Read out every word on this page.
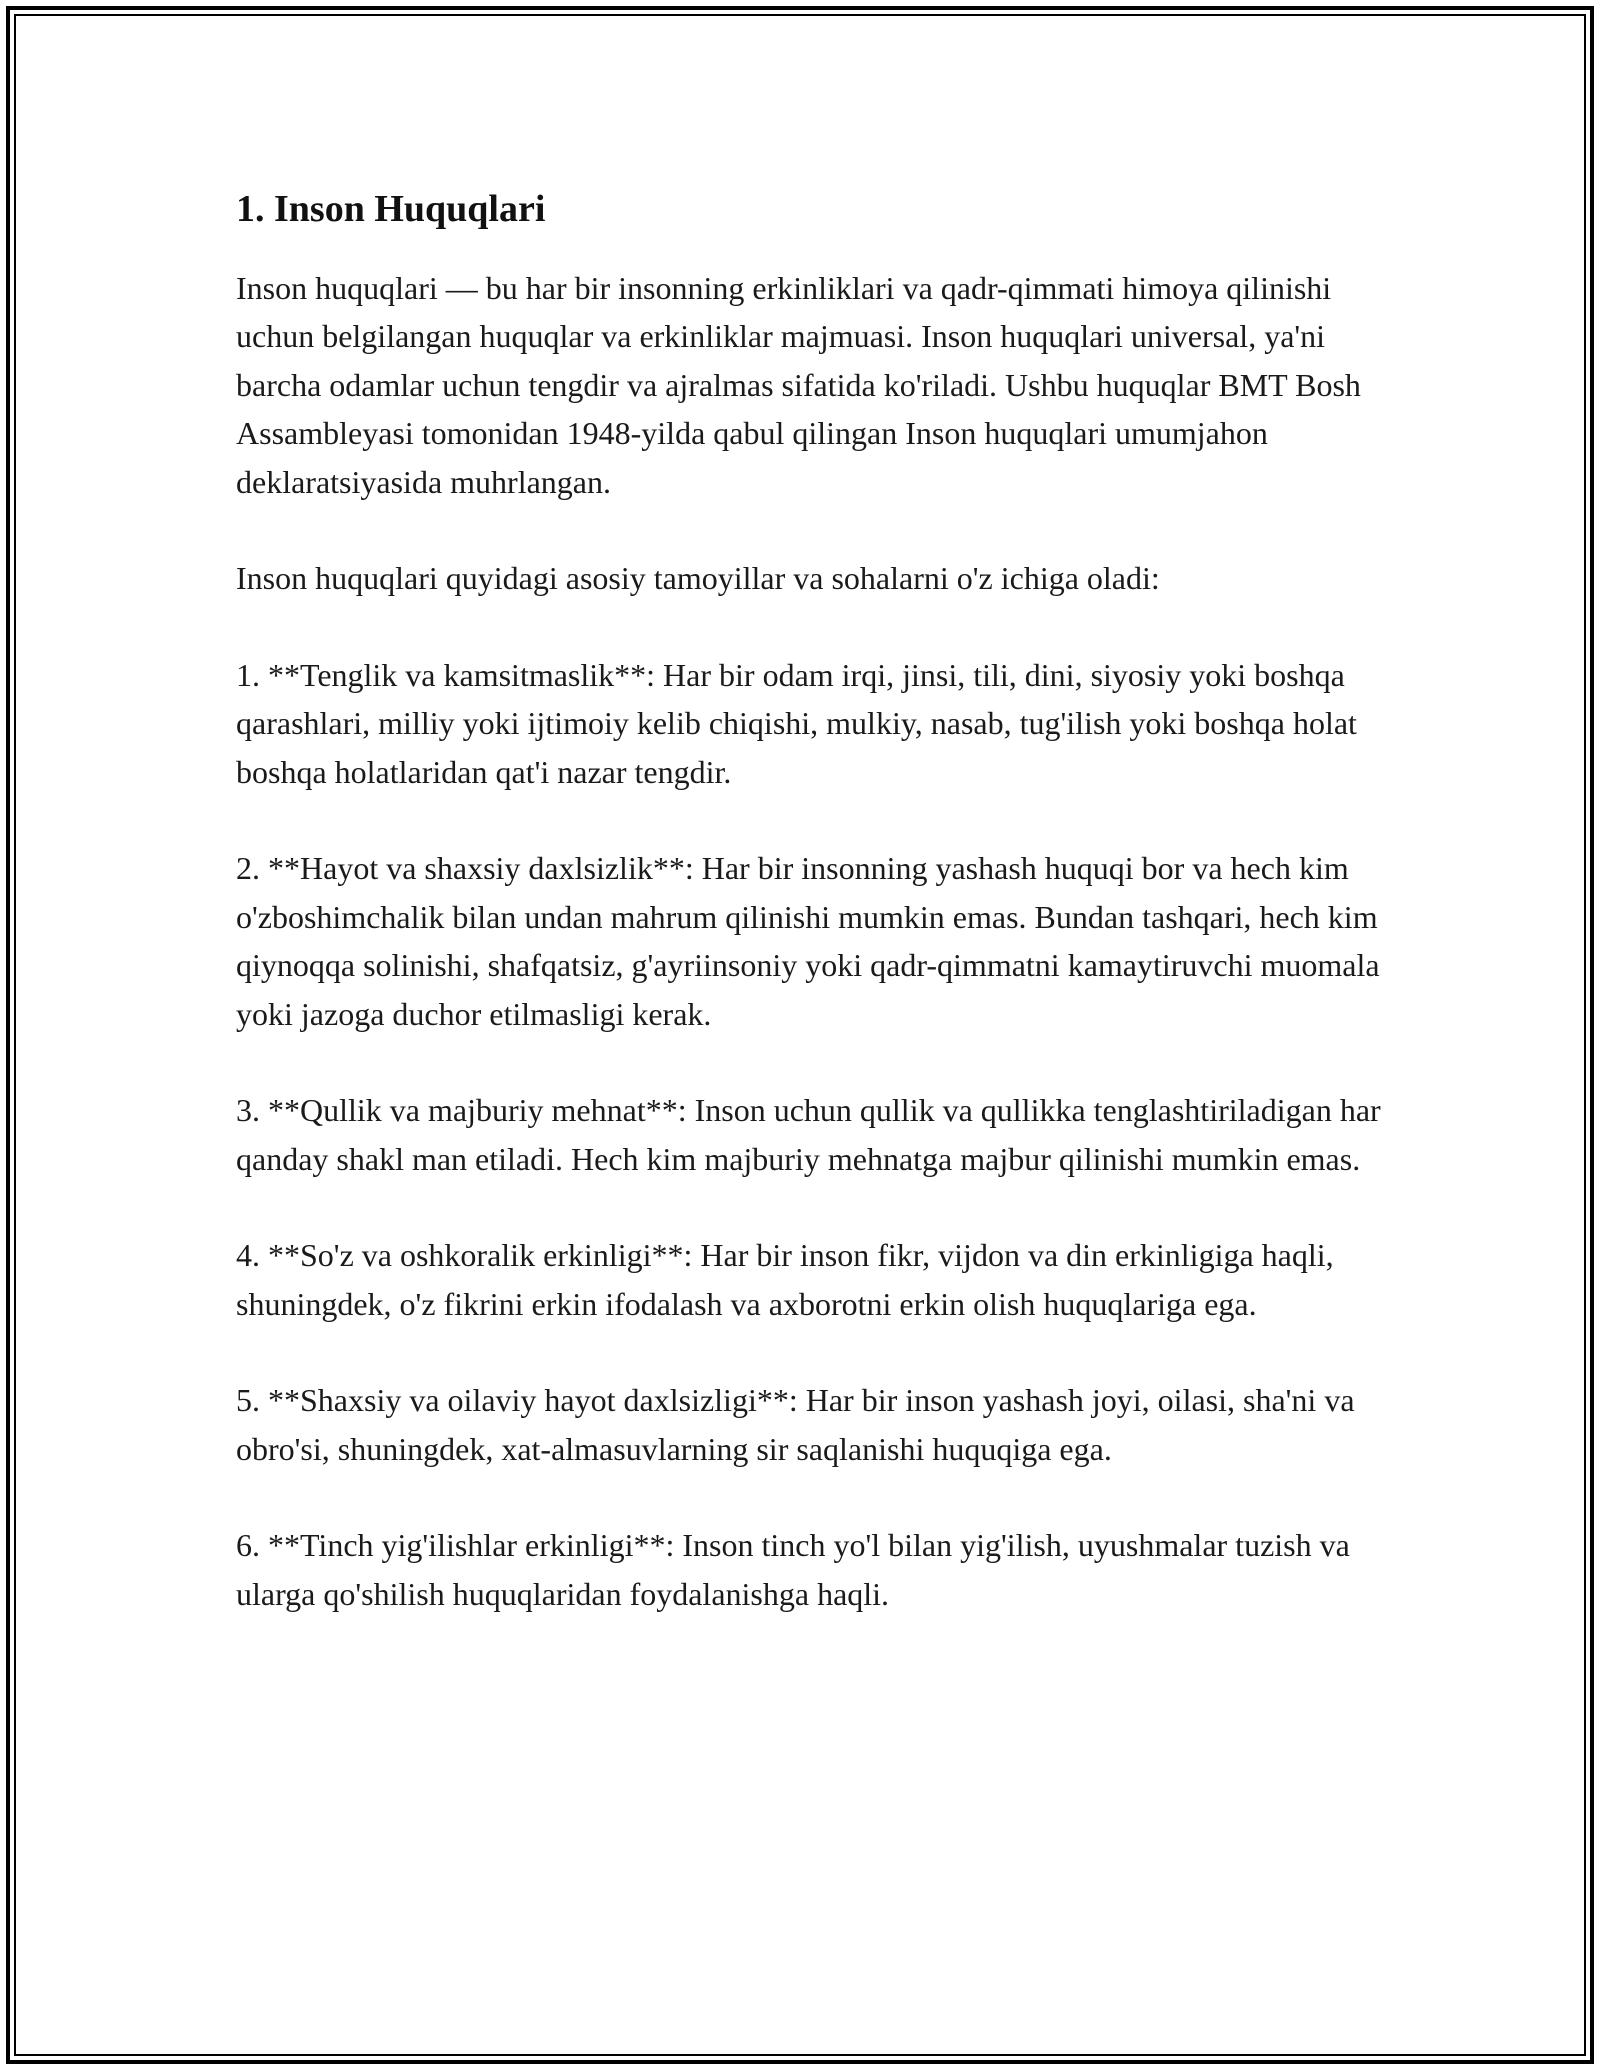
1. Inson Huquqlari

Inson huquqlari — bu har bir insonning erkinliklari va qadr-qimmati himoya qilinishi uchun belgilangan huquqlar va erkinliklar majmuasi. Inson huquqlari universal, ya'ni barcha odamlar uchun tengdir va ajralmas sifatida ko'riladi. Ushbu huquqlar BMT Bosh Assambleyasi tomonidan 1948-yilda qabul qilingan Inson huquqlari umumjahon deklaratsiyasida muhrlangan.

Inson huquqlari quyidagi asosiy tamoyillar va sohalarni o'z ichiga oladi:

1. **Tenglik va kamsitmaslik**: Har bir odam irqi, jinsi, tili, dini, siyosiy yoki boshqa qarashlari, milliy yoki ijtimoiy kelib chiqishi, mulkiy, nasab, tug'ilish yoki boshqa holat boshqa holatlaridan qat'i nazar tengdir.

2. **Hayot va shaxsiy daxlsizlik**: Har bir insonning yashash huquqi bor va hech kim o'zboshimchalik bilan undan mahrum qilinishi mumkin emas. Bundan tashqari, hech kim qiynoqqa solinishi, shafqatsiz, g'ayriinsoniy yoki qadr-qimmatni kamaytiruvchi muomala yoki jazoga duchor etilmasligi kerak.

3. **Qullik va majburiy mehnat**: Inson uchun qullik va qullikka tenglashtiriladigan har qanday shakl man etiladi. Hech kim majburiy mehnatga majbur qilinishi mumkin emas.

4. **So'z va oshkoralik erkinligi**: Har bir inson fikr, vijdon va din erkinligiga haqli, shuningdek, o'z fikrini erkin ifodalash va axborotni erkin olish huquqlariga ega.

5. **Shaxsiy va oilaviy hayot daxlsizligi**: Har bir inson yashash joyi, oilasi, sha'ni va obro'si, shuningdek, xat-almasuvlarning sir saqlanishi huquqiga ega.

6. **Tinch yig'ilishlar erkinligi**: Inson tinch yo'l bilan yig'ilish, uyushmalar tuzish va ularga qo'shilish huquqlaridan foydalanishga haqli.
